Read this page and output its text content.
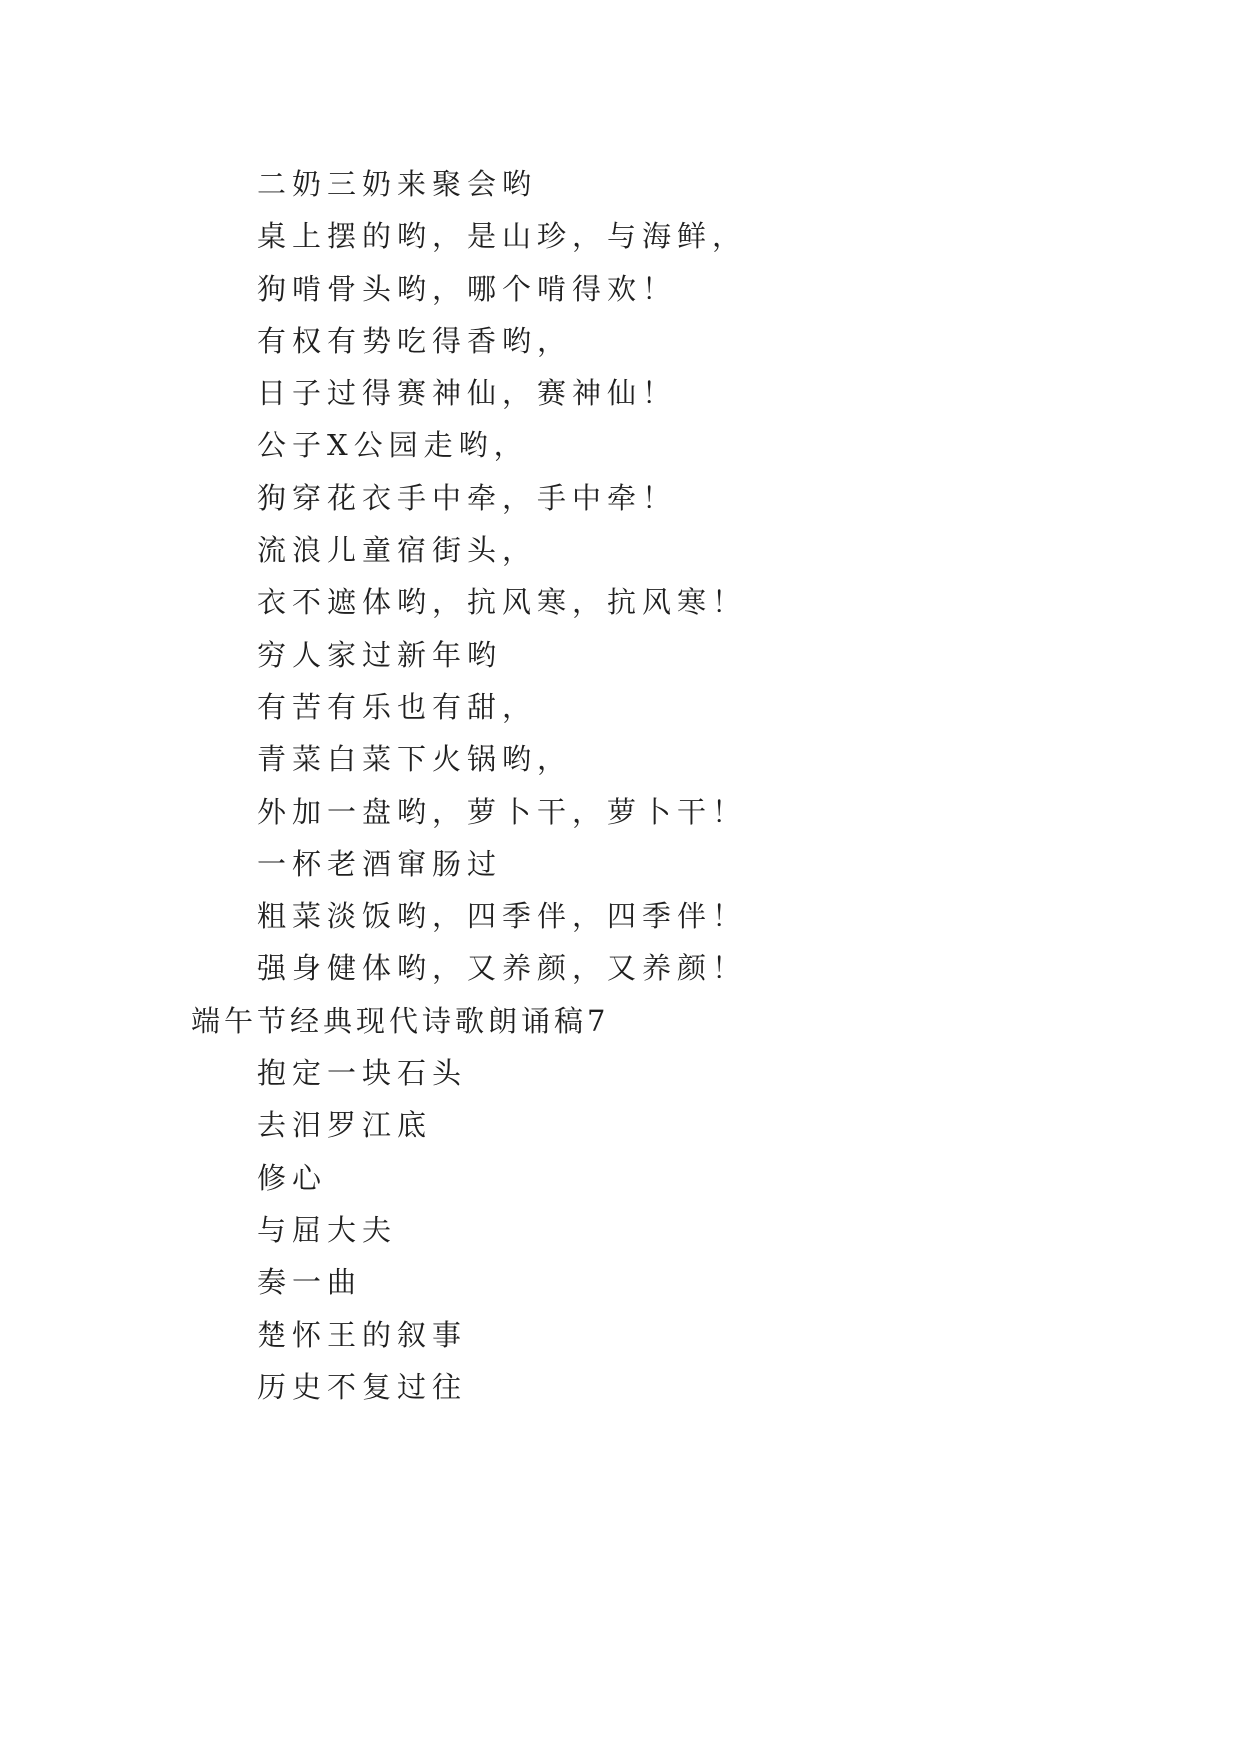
二奶三奶来聚会哟
桌上摆的哟，是山珍，与海鲜，
狗啃骨头哟，哪个啃得欢！
有权有势吃得香哟，
日子过得赛神仙，赛神仙！
公子X公园走哟，
狗穿花衣手中牵，手中牵！
流浪儿童宿街头，
衣不遮体哟，抗风寒，抗风寒！
穷人家过新年哟
有苦有乐也有甜，
青菜白菜下火锅哟，
外加一盘哟，萝卜干，萝卜干！
一杯老酒窜肠过
粗菜淡饭哟，四季伴，四季伴！
强身健体哟，又养颜，又养颜！
端午节经典现代诗歌朗诵稿7
抱定一块石头
去汨罗江底
修心
与屈大夫
奏一曲
楚怀王的叙事
历史不复过往
